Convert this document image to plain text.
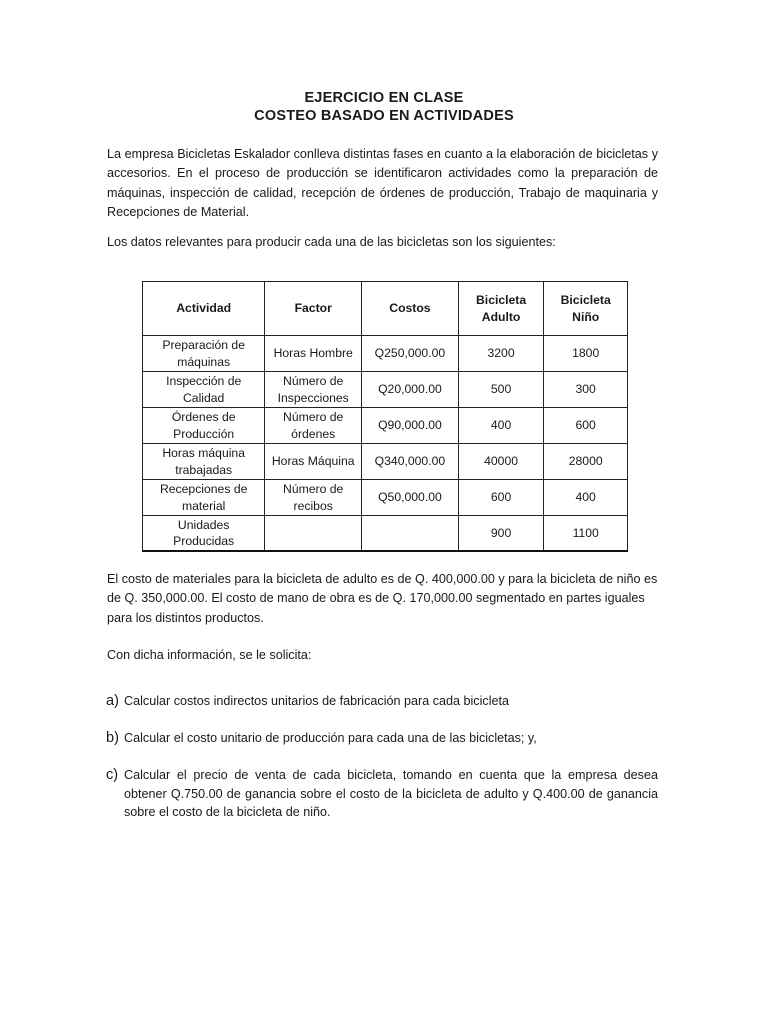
EJERCICIO EN CLASE
COSTEO BASADO EN ACTIVIDADES
La empresa Bicicletas Eskalador conlleva distintas fases en cuanto a la elaboración de bicicletas y accesorios. En el proceso de producción se identificaron actividades como la preparación de máquinas, inspección de calidad, recepción de órdenes de producción, Trabajo de maquinaria y Recepciones de Material.
Los datos relevantes para producir cada una de las bicicletas son los siguientes:
Actividad	Factor	Costos	Bicicleta Adulto	Bicicleta Niño
Preparación de máquinas	Horas Hombre	Q250,000.00	3200	1800
Inspección de Calidad	Número de Inspecciones	Q20,000.00	500	300
Órdenes de Producción	Número de órdenes	Q90,000.00	400	600
Horas máquina trabajadas	Horas Máquina	Q340,000.00	40000	28000
Recepciones de material	Número de recibos	Q50,000.00	600	400
Unidades Producidas			900	1100
El costo de materiales para la bicicleta de adulto es de Q. 400,000.00 y para la bicicleta de niño es de Q. 350,000.00. El costo de mano de obra es de Q. 170,000.00 segmentado en partes iguales para los distintos productos.
Con dicha información, se le solicita:
a) Calcular costos indirectos unitarios de fabricación para cada bicicleta
b) Calcular el costo unitario de producción para cada una de las bicicletas; y,
c) Calcular el precio de venta de cada bicicleta, tomando en cuenta que la empresa desea obtener Q.750.00 de ganancia sobre el costo de la bicicleta de adulto y Q.400.00 de ganancia sobre el costo de la bicicleta de niño.
